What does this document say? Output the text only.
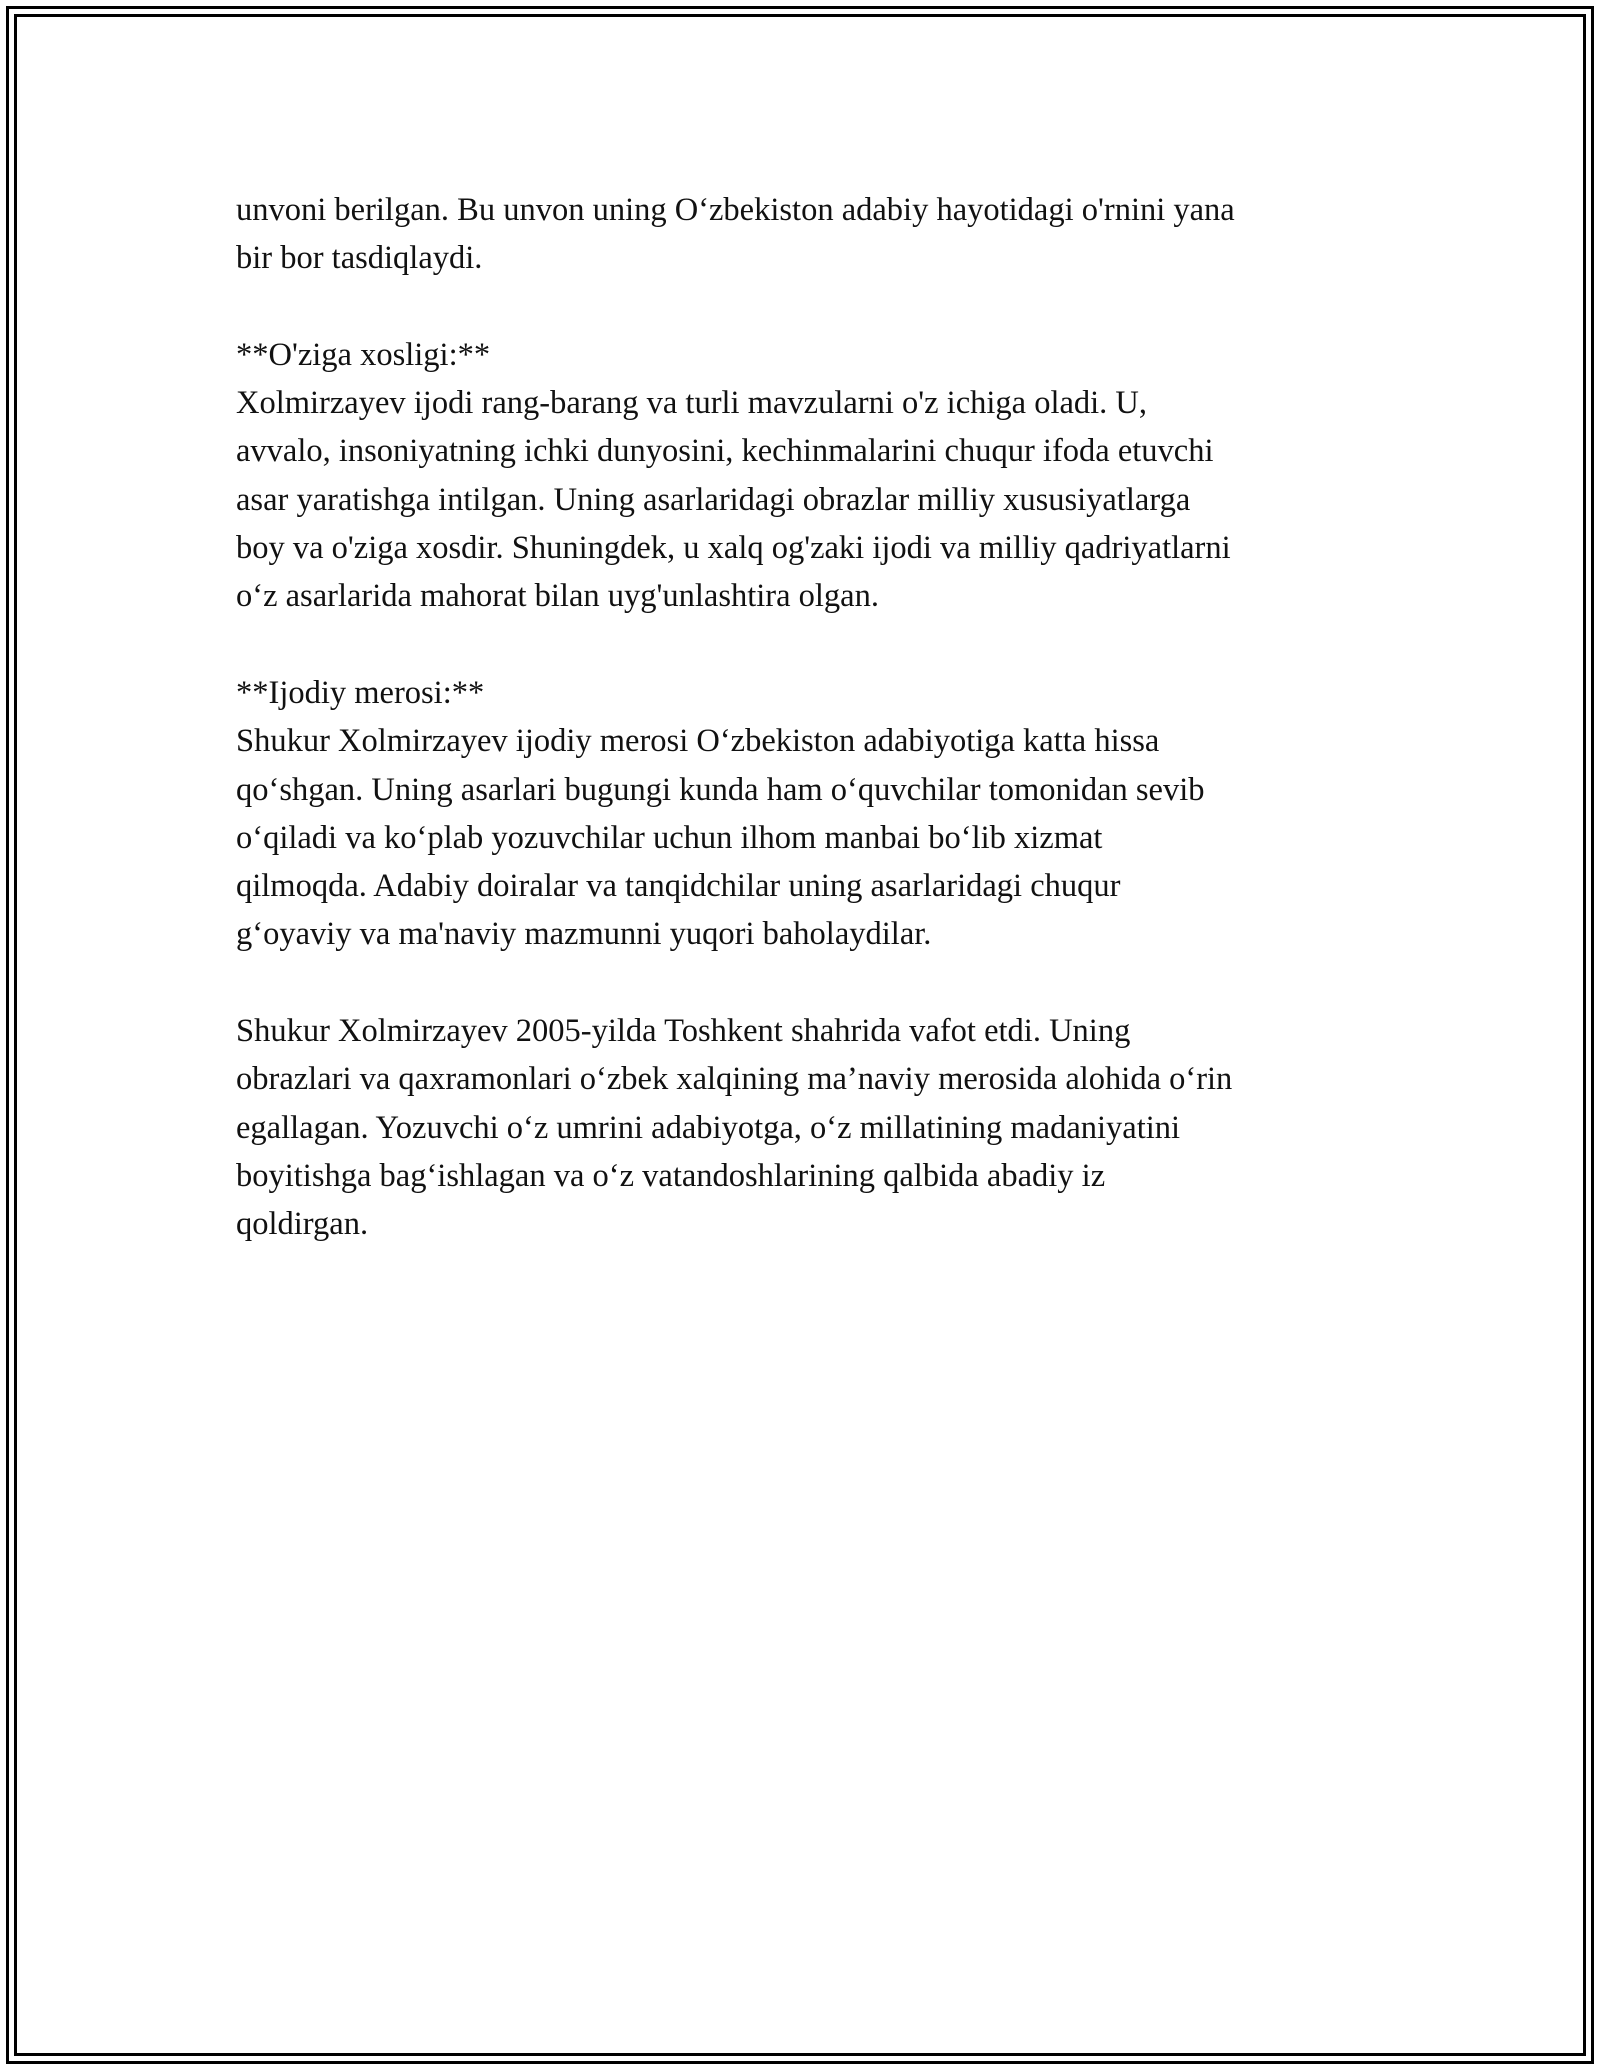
unvoni berilgan. Bu unvon uning O‘zbekiston adabiy hayotidagi o'rnini yana

bir bor tasdiqlaydi.

**O'ziga xosligi:**

Xolmirzayev ijodi rang-barang va turli mavzularni o'z ichiga oladi. U,

avvalo, insoniyatning ichki dunyosini, kechinmalarini chuqur ifoda etuvchi

asar yaratishga intilgan. Uning asarlaridagi obrazlar milliy xususiyatlarga

boy va o'ziga xosdir. Shuningdek, u xalq og'zaki ijodi va milliy qadriyatlarni

o‘z asarlarida mahorat bilan uyg'unlashtira olgan.

**Ijodiy merosi:**

Shukur Xolmirzayev ijodiy merosi O‘zbekiston adabiyotiga katta hissa

qo‘shgan. Uning asarlari bugungi kunda ham o‘quvchilar tomonidan sevib

o‘qiladi va ko‘plab yozuvchilar uchun ilhom manbai bo‘lib xizmat

qilmoqda. Adabiy doiralar va tanqidchilar uning asarlaridagi chuqur

g‘oyaviy va ma'naviy mazmunni yuqori baholaydilar.

Shukur Xolmirzayev 2005-yilda Toshkent shahrida vafot etdi. Uning

obrazlari va qaxramonlari o‘zbek xalqining ma’naviy merosida alohida o‘rin

egallagan. Yozuvchi o‘z umrini adabiyotga, o‘z millatining madaniyatini

boyitishga bag‘ishlagan va o‘z vatandoshlarining qalbida abadiy iz

qoldirgan.
